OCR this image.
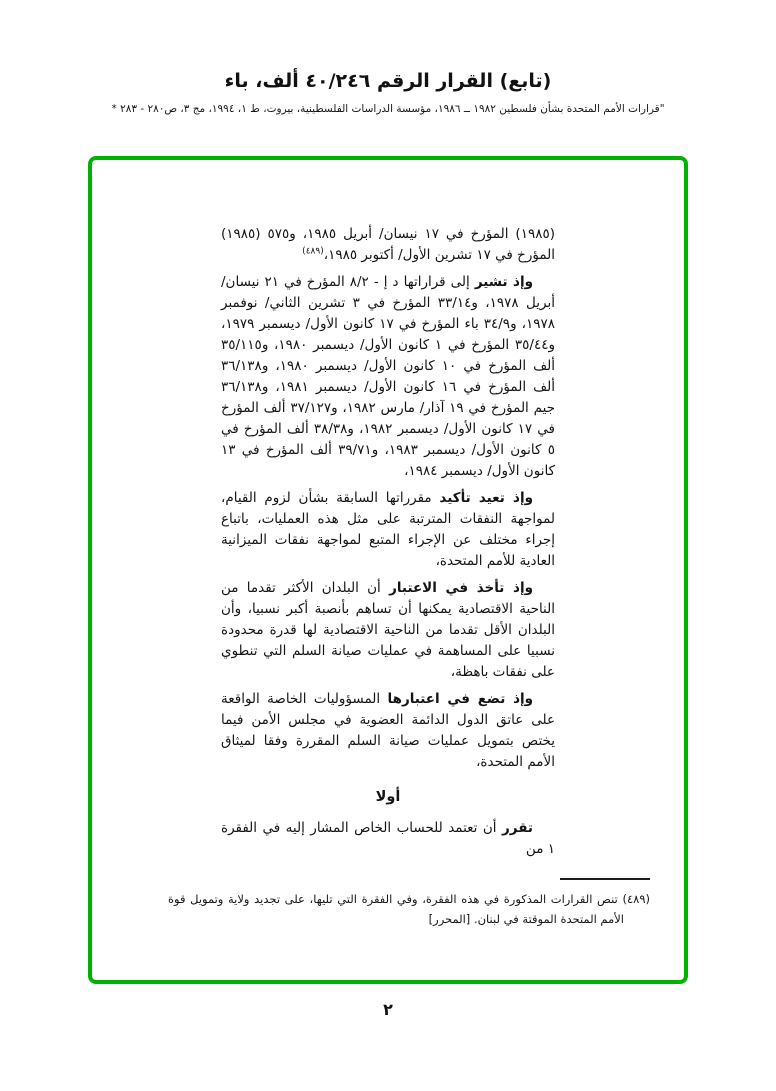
(تابع) القرار الرقم ٤٠/٢٤٦ ألف، باء
"قرارات الأمم المتحدة بشأن فلسطين ١٩٨٢ ــ ١٩٨٦، مؤسسة الدراسات الفلسطينية، بيروت، ط ١، ١٩٩٤، مج ٣، ص٢٨٠ - ٢٨٣ *

(١٩٨٥) المؤرخ في ١٧ نيسان/ أبريل ١٩٨٥، و٥٧٥ (١٩٨٥) المؤرخ في ١٧ تشرين الأول/ أكتوبر ١٩٨٥،$^{(٤٨٩)}$

وإذ تشير إلى قراراتها د إ - ٨/٢ المؤرخ في ٢١ نيسان/ أبريل ١٩٧٨، و٣٣/١٤ المؤرخ في ٣ تشرين الثاني/ نوفمبر ١٩٧٨، و٣٤/٩ باء المؤرخ في ١٧ كانون الأول/ ديسمبر ١٩٧٩، و٣٥/٤٤ المؤرخ في ١ كانون الأول/ ديسمبر ١٩٨٠، و٣٥/١١٥ ألف المؤرخ في ١٠ كانون الأول/ ديسمبر ١٩٨٠، و٣٦/١٣٨ ألف المؤرخ في ١٦ كانون الأول/ ديسمبر ١٩٨١، و٣٦/١٣٨ جيم المؤرخ في ١٩ آذار/ مارس ١٩٨٢، و٣٧/١٢٧ ألف المؤرخ في ١٧ كانون الأول/ ديسمبر ١٩٨٢، و٣٨/٣٨ ألف المؤرخ في ٥ كانون الأول/ ديسمبر ١٩٨٣، و٣٩/٧١ ألف المؤرخ في ١٣ كانون الأول/ ديسمبر ١٩٨٤،

وإذ تعيد تأكيد مقرراتها السابقة بشأن لزوم القيام، لمواجهة النفقات المترتبة على مثل هذه العمليات، باتباع إجراء مختلف عن الإجراء المتبع لمواجهة نفقات الميزانية العادية للأمم المتحدة،

وإذ تأخذ في الاعتبار أن البلدان الأكثر تقدما من الناحية الاقتصادية يمكنها أن تساهم بأنصبة أكبر نسبيا، وأن البلدان الأقل تقدما من الناحية الاقتصادية لها قدرة محدودة نسبيا على المساهمة في عمليات صيانة السلم التي تنطوي على نفقات باهظة،

وإذ تضع في اعتبارها المسؤوليات الخاصة الواقعة على عاتق الدول الدائمة العضوية في مجلس الأمن فيما يختص بتمويل عمليات صيانة السلم المقررة وفقا لميثاق الأمم المتحدة،

أولا

تقرر أن تعتمد للحساب الخاص المشار إليه في الفقرة ١ من

(٤٨٩) تنص القرارات المذكورة في هذه الفقرة، وفي الفقرة التي تليها، على تجديد ولاية وتمويل قوة الأمم المتحدة الموقتة في لبنان. [المحرر]
٢
